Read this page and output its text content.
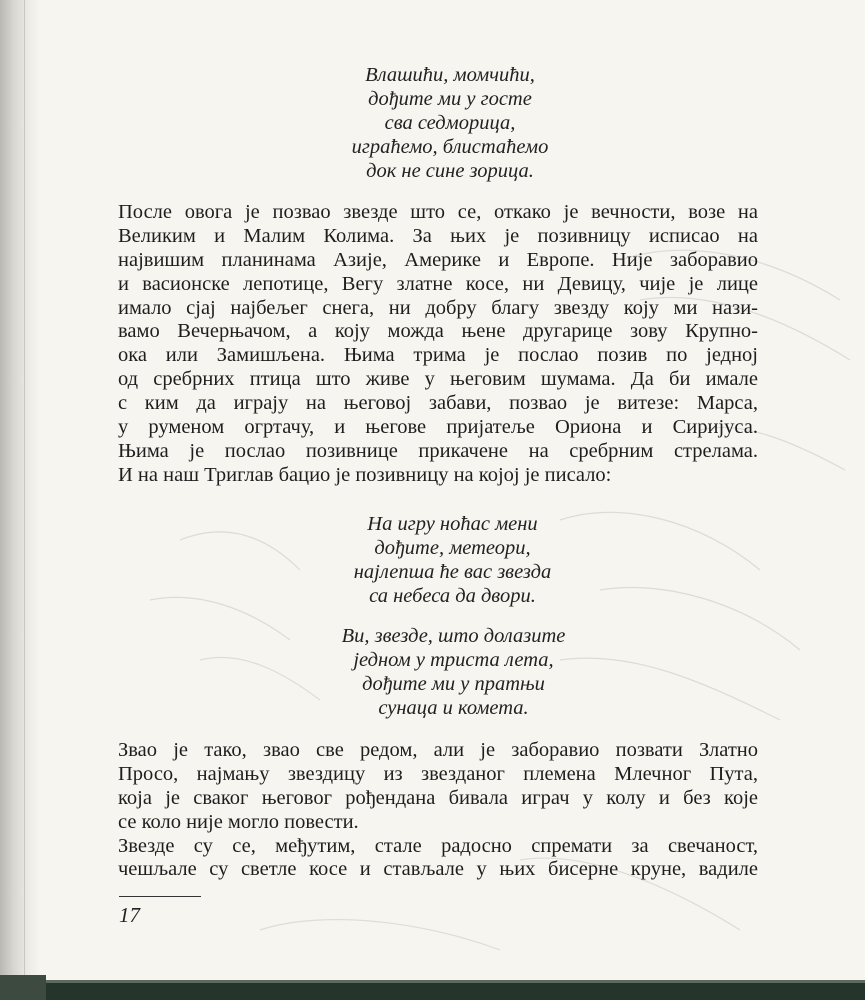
Влашићи, момчићи,
дођите ми у госте
сва седморица,
играћемо, блистаћемо
док не сине зорица.
После овога је позвао звезде што се, откако је вечности, возе на
Великим и Малим Колима. За њих је позивницу исписао на
највишим планинама Азије, Америке и Европе. Није заборавио
и васионске лепотице, Вегу златне косе, ни Девицу, чије је лице
имало сјај најбељег снега, ни добру благу звезду коју ми нази-
вамо Вечерњачом, а коју можда њене другарице зову Крупно-
ока или Замишљена. Њима трима је послао позив по једној
од сребрних птица што живе у његовим шумама. Да би имале
с ким да играју на његовој забави, позвао је витезе: Марса,
у руменом огртачу, и његове пријатеље Ориона и Сиријуса.
Њима је послао позивнице прикачене на сребрним стрелама.
И на наш Триглав бацио је позивницу на којој је писало:
На игру ноћас мени
дођите, метеори,
најлепша ће вас звезда
са небеса да двори.
Ви, звезде, што долазите
једном у триста лета,
дођите ми у пратњи
сунаца и комета.
Звао је тако, звао све редом, али је заборавио позвати Златно
Просо, најмању звездицу из звезданог племена Млечног Пута,
која је сваког његовог рођендана бивала играч у колу и без које
се коло није могло повести.
Звезде су се, међутим, стале радосно спремати за свечаност,
чешљале су светле косе и стављале у њих бисерне круне, вадиле
17
